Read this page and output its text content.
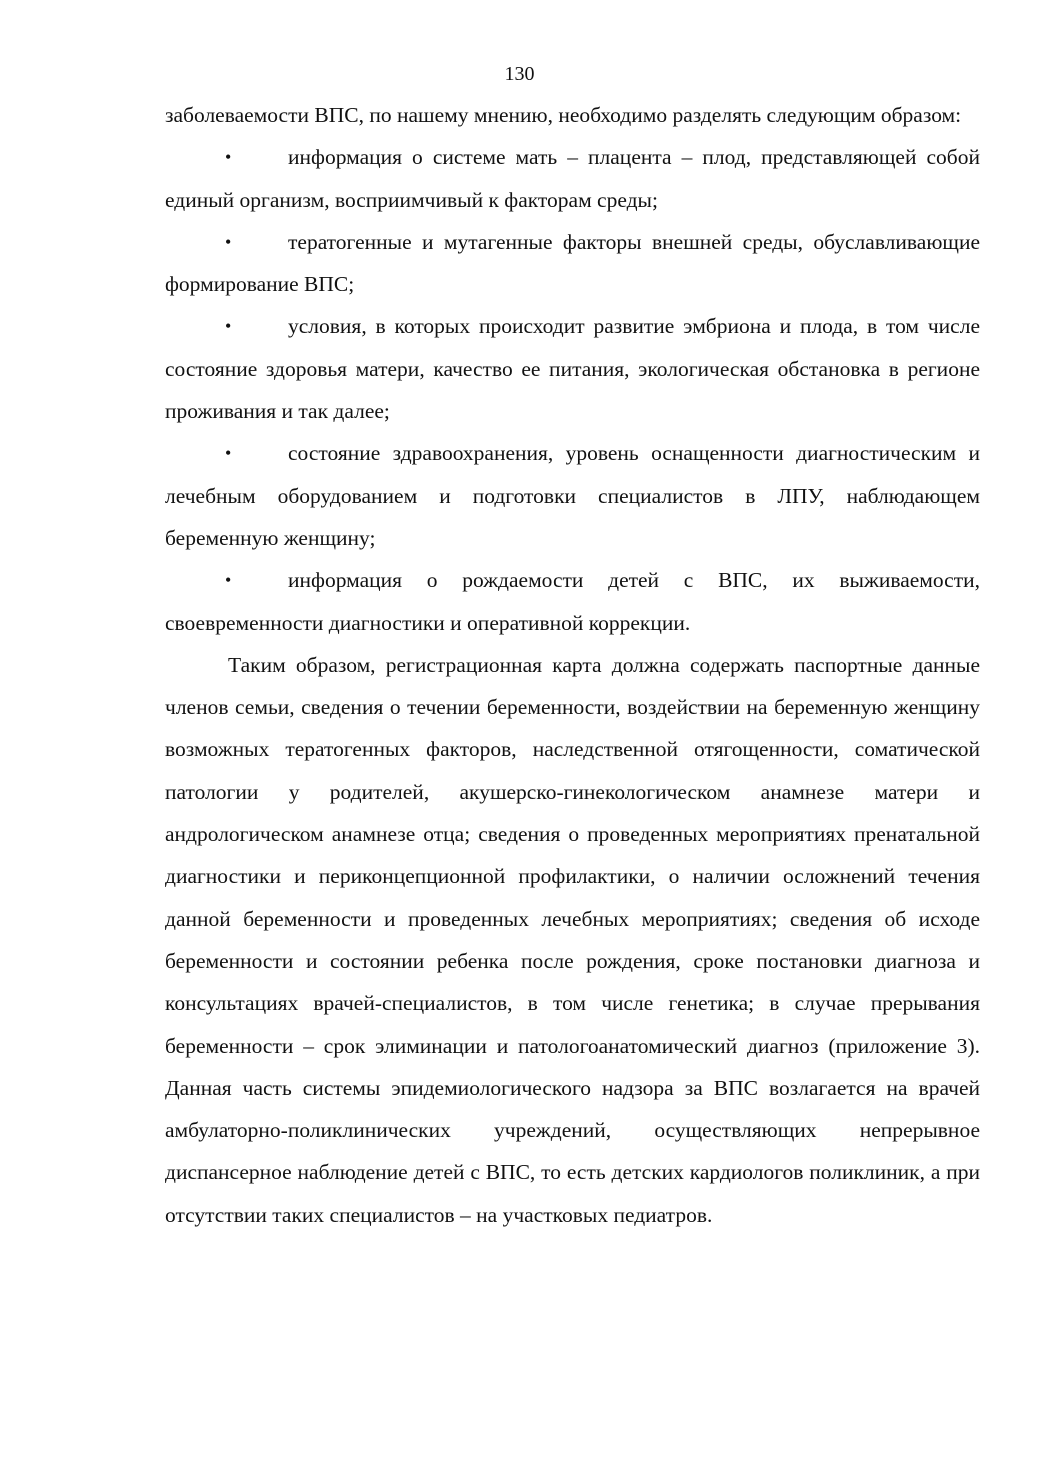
130

заболеваемости ВПС, по нашему мнению, необходимо разделять следующим образом:

•	информация о системе мать – плацента – плод, представляющей собой единый организм, восприимчивый к факторам среды;

•	тератогенные и мутагенные факторы внешней среды, обуславливающие формирование ВПС;

•	условия, в которых происходит развитие эмбриона и плода, в том числе состояние здоровья матери, качество ее питания, экологическая обстановка в регионе проживания и так далее;

•	состояние здравоохранения, уровень оснащенности диагностическим и лечебным оборудованием и подготовки специалистов в ЛПУ, наблюдающем беременную женщину;

•	информация о рождаемости детей с ВПС, их выживаемости, своевременности диагностики и оперативной коррекции.

Таким образом, регистрационная карта должна содержать паспортные данные членов семьи, сведения о течении беременности, воздействии на беременную женщину возможных тератогенных факторов, наследственной отягощенности, соматической патологии у родителей, акушерско-гинекологическом анамнезе матери и андрологическом анамнезе отца; сведения о проведенных мероприятиях пренатальной диагностики и периконцепционной профилактики, о наличии осложнений течения данной беременности и проведенных лечебных мероприятиях; сведения об исходе беременности и состоянии ребенка после рождения, сроке постановки диагноза и консультациях врачей-специалистов, в том числе генетика; в случае прерывания беременности – срок элиминации и патологоанатомический диагноз (приложение 3). Данная часть системы эпидемиологического надзора за ВПС возлагается на врачей амбулаторно-поликлинических учреждений, осуществляющих непрерывное диспансерное наблюдение детей с ВПС, то есть детских кардиологов поликлиник, а при отсутствии таких специалистов – на участковых педиатров.
